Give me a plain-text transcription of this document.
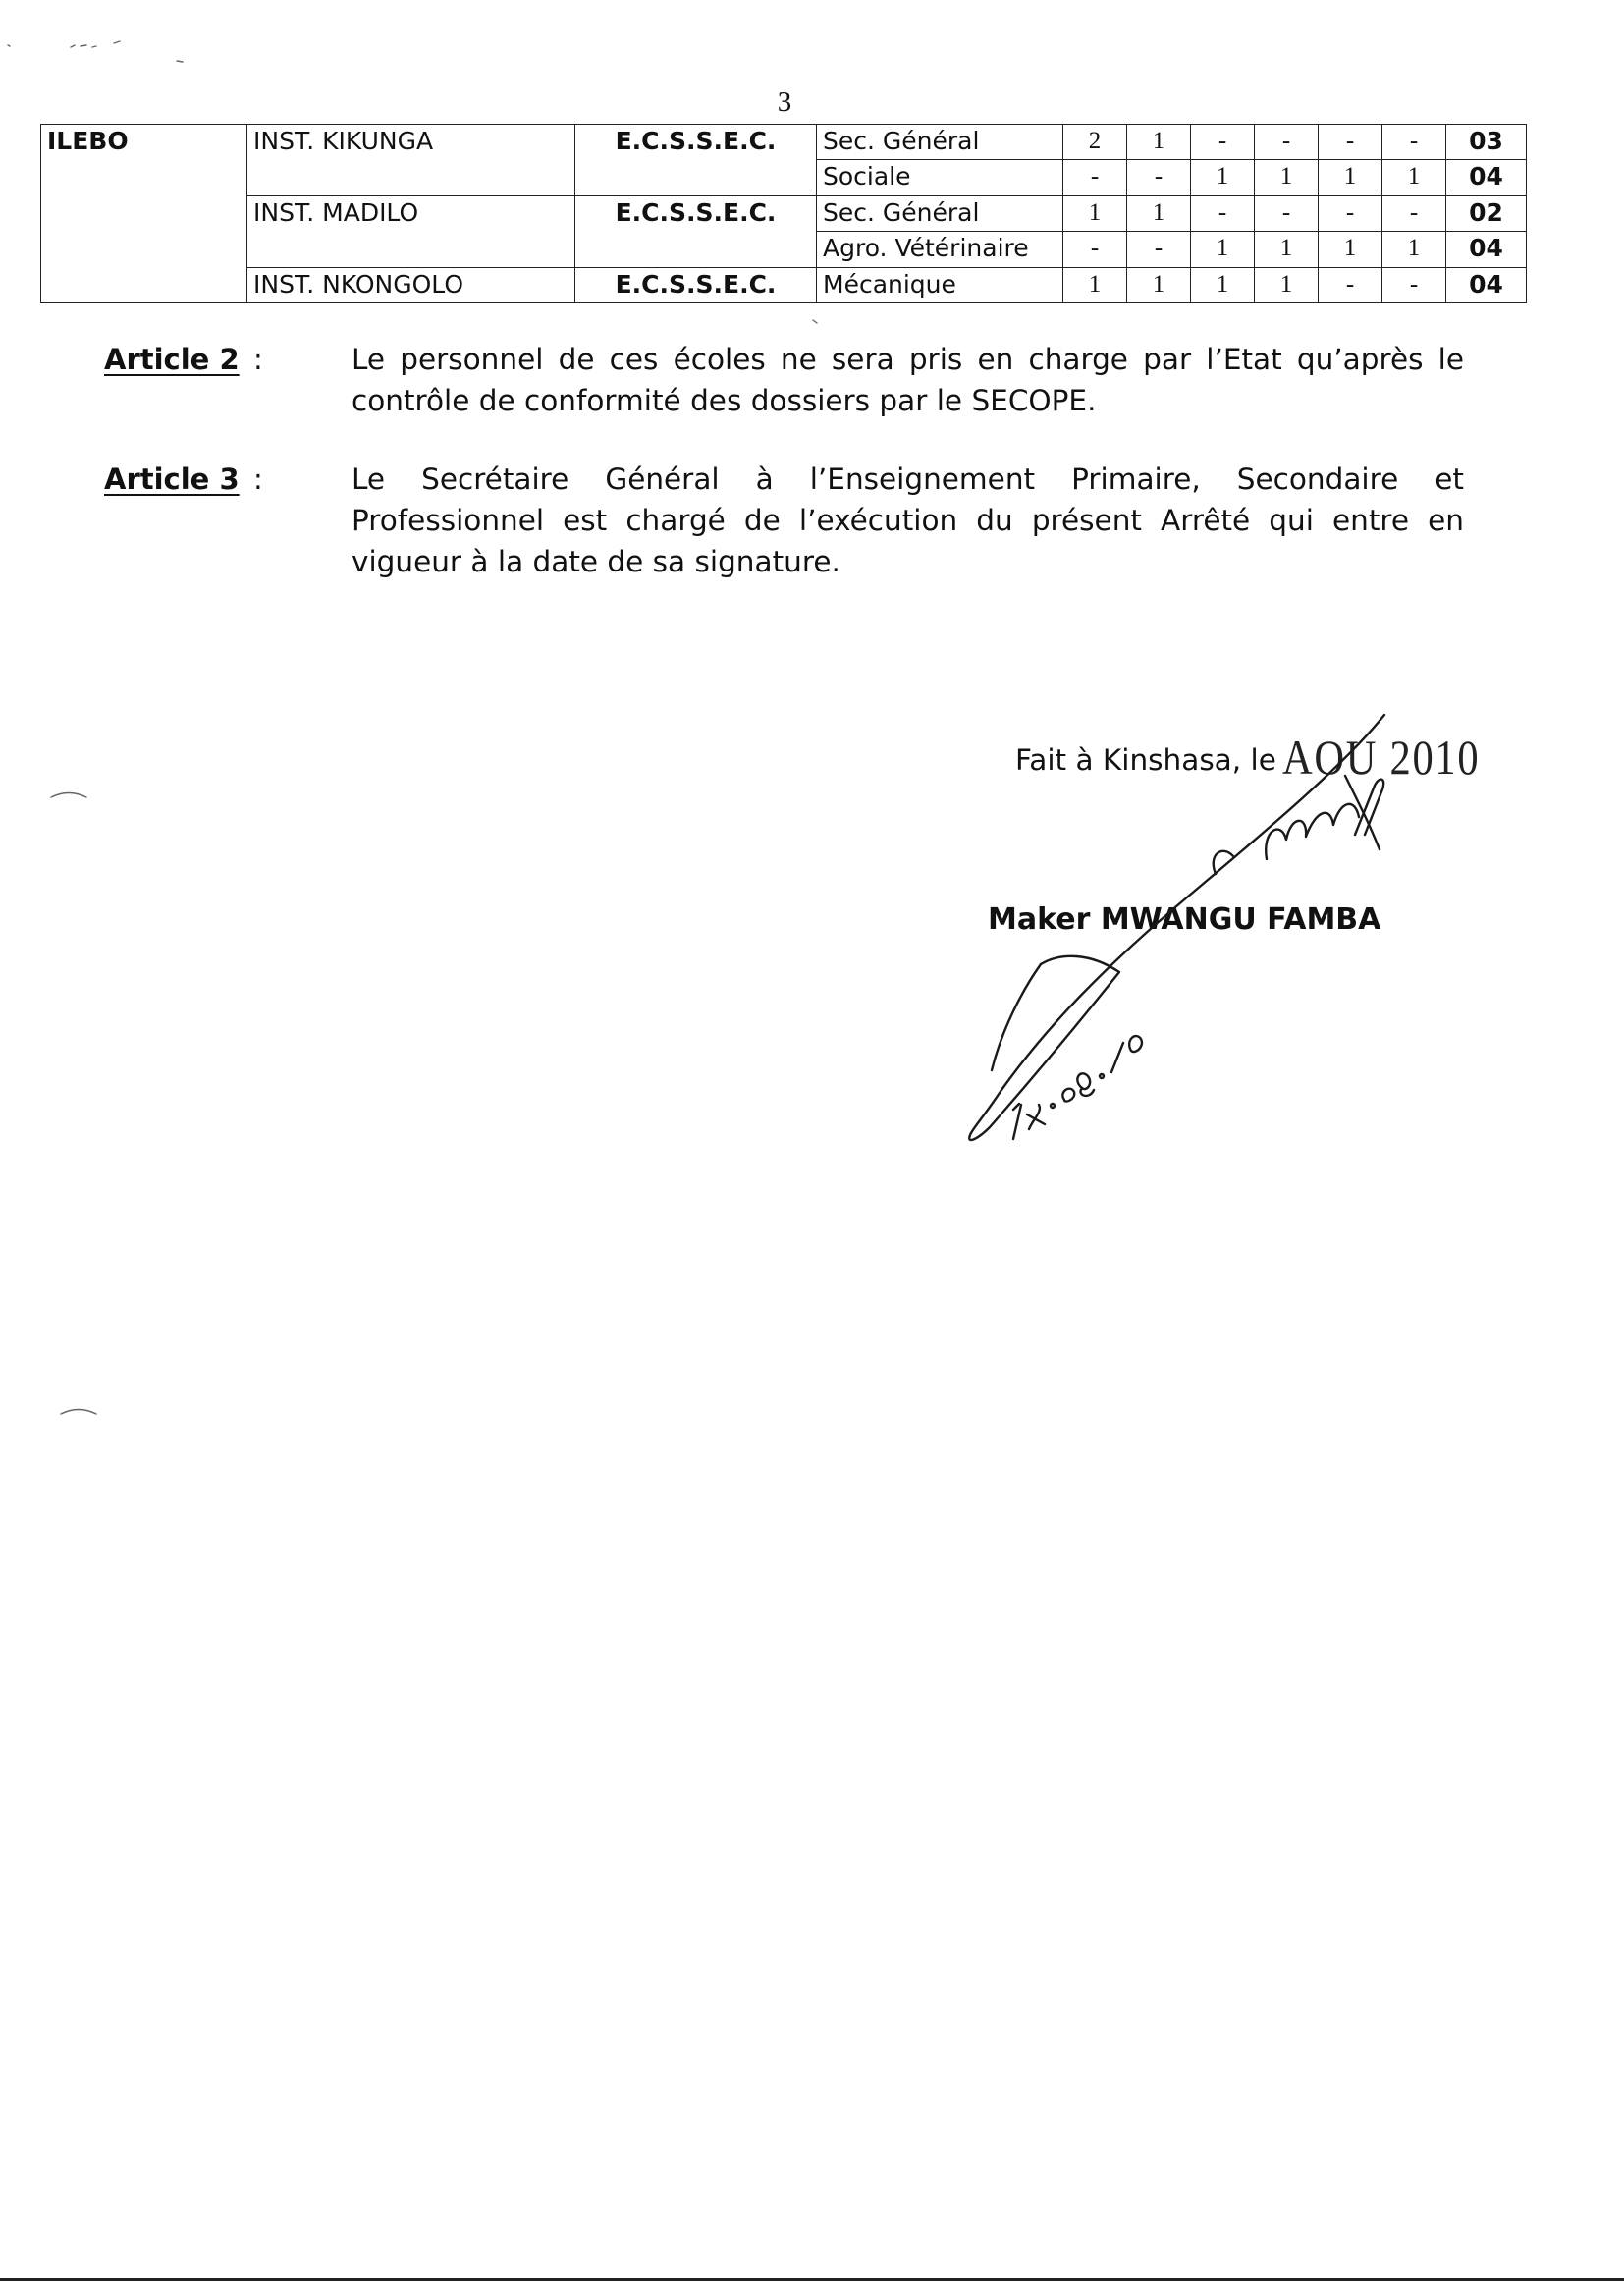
3
ILEBO	INST. KIKUNGA	E.C.S.S.E.C.	Sec. Général	2	1	-	-	-	-	03
			Sociale	-	-	1	1	1	1	04
	INST. MADILO	E.C.S.S.E.C.	Sec. Général	1	1	-	-	-	-	02
			Agro. Vétérinaire	-	-	1	1	1	1	04
	INST. NKONGOLO	E.C.S.S.E.C.	Mécanique	1	1	1	1	-	-	04
Article 2 :	Le personnel de ces écoles ne sera pris en charge par l’Etat qu’après le contrôle de conformité des dossiers par le SECOPE.
Article 3 :	Le Secrétaire Général à l’Enseignement Primaire, Secondaire et Professionnel est chargé de l’exécution du présent Arrêté qui entre en vigueur à la date de sa signature.
Fait à Kinshasa, le AOU 2010
Maker MWANGU FAMBA
